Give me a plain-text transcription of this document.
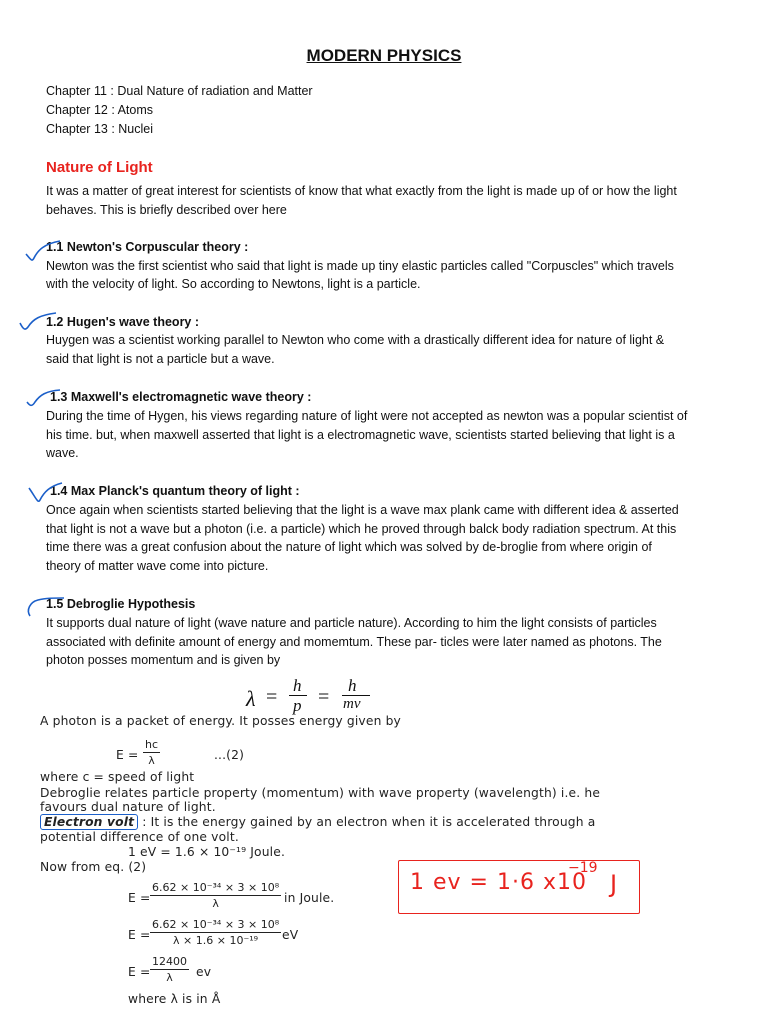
MODERN PHYSICS
Chapter 11 : Dual Nature of radiation and Matter
Chapter 12 : Atoms
Chapter 13 : Nuclei
Nature of Light
It was a matter of great interest for scientists of know that what exactly from the light is made up of or how the light
behaves. This is briefly described over here
1.1 Newton's Corpuscular theory :
Newton was the first scientist who said that light is made up tiny elastic particles called "Corpuscles" which travels
with the velocity of light. So according to Newtons, light is a particle.
1.2 Hugen's wave theory :
Huygen was a scientist working parallel to Newton who come with a drastically different idea for nature of light &
said that light is not a particle but a wave.
1.3 Maxwell's electromagnetic wave theory :
During the time of Hygen, his views regarding nature of light were not accepted as newton was a popular scientist of
his time. but, when maxwell asserted that light is a electromagnetic wave, scientists started believing that light is a
wave.
1.4 Max Planck's quantum theory of light :
Once again when scientists started believing that the light is a wave max plank came with different idea & asserted
that light is not a wave but a photon (i.e. a particle) which he proved through balck body radiation spectrum. At this
time there was a great confusion about the nature of light which was solved by de-broglie from where origin of
theory of matter wave come into picture.
1.5 Debroglie Hypothesis
It supports dual nature of light (wave nature and particle nature). According to him the light consists of particles
associated with definite amount of energy and momemtum. These par- ticles were later named as photons. The
photon posses momentum and is given by
λ =
h
p =
h
mv
A photon is a packet of energy. It posses energy given by
$E = \frac{hc}{\lambda}$	...(2)
where c = speed of light
Debroglie relates particle property (momentum) with wave property (wavelength) i.e. he
favours dual nature of light.
Electron volt : It is the energy gained by an electron when it is accelerated through a
potential difference of one volt.
1 eV = 1.6 × 10⁻¹⁹ Joule.
Now from eq. (2)
$E = \frac{\text{6.62 × 10⁻³⁴ × 3 × 10⁸}}{\lambda}$ in Joule.
$E = \frac{\text{6.62 × 10⁻³⁴ × 3 × 10⁸}}{\text{λ × 1.6 × 10⁻¹⁹}}$ eV
$E = \frac{12400}{\lambda}$ ev
where λ is in Å
1 ev = 1·6 x10
−19
J
